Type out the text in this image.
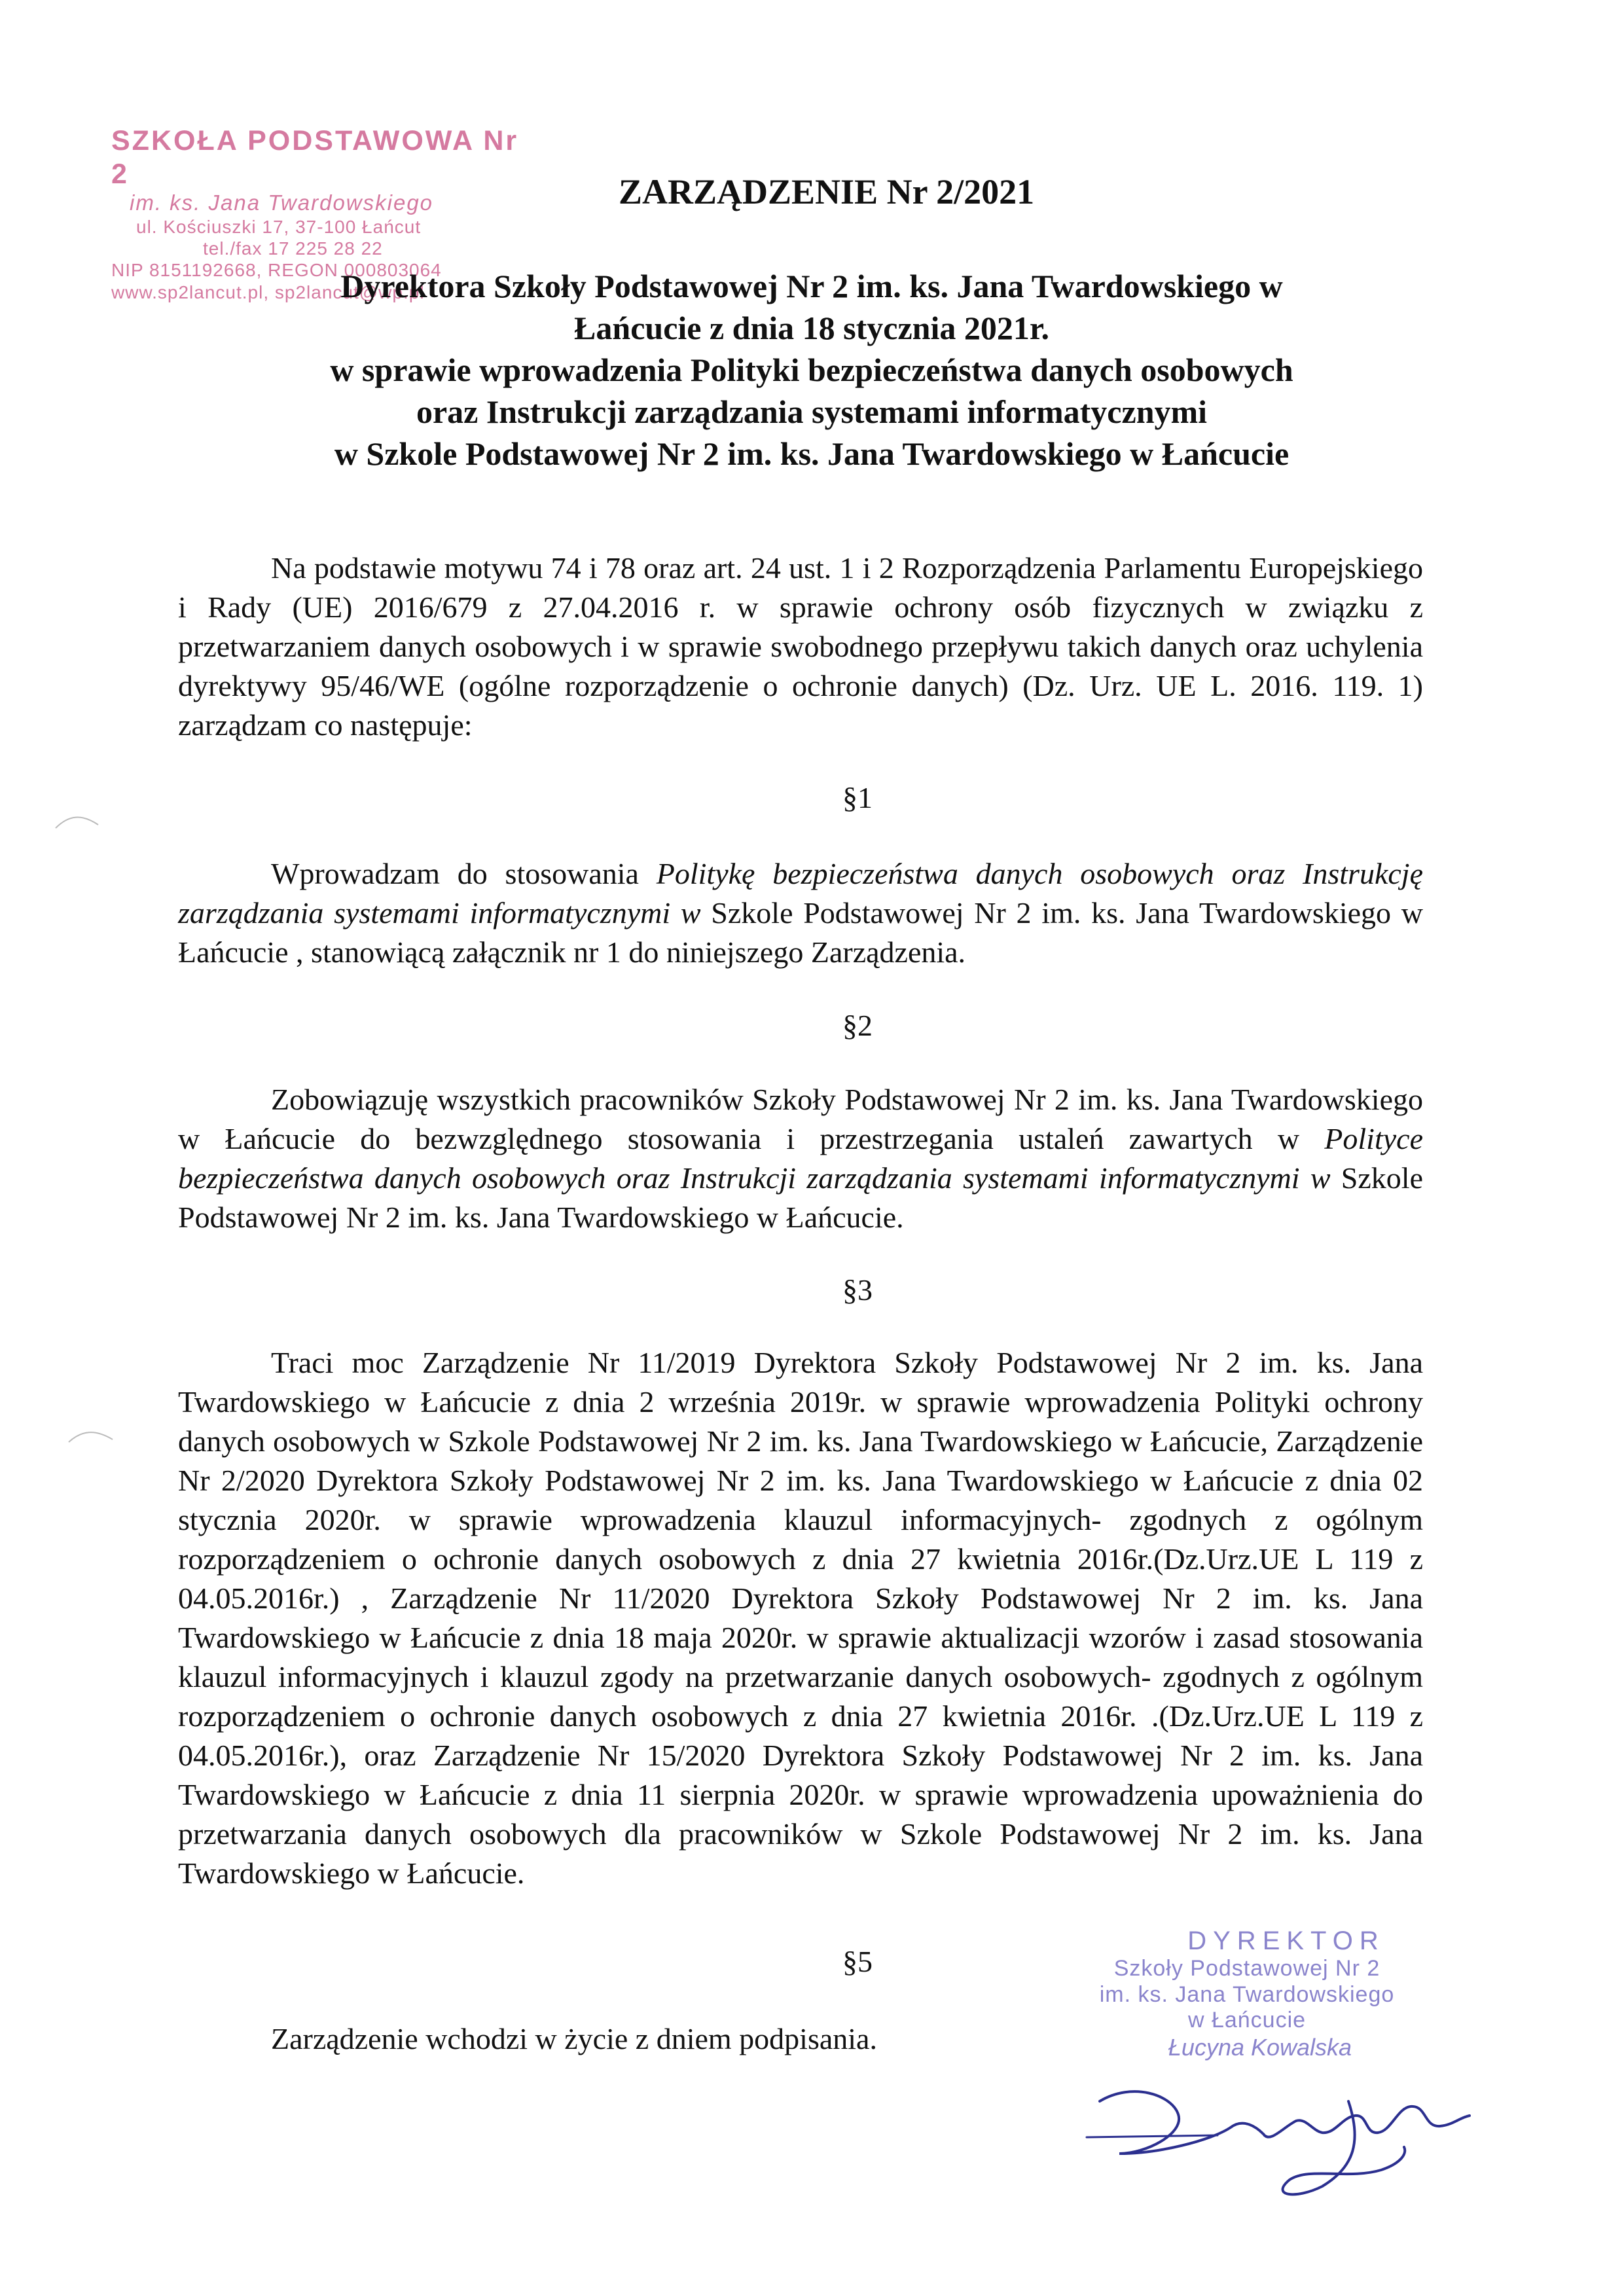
SZKOŁA PODSTAWOWA Nr 2
im. ks. Jana Twardowskiego
ul. Kościuszki 17, 37-100 Łańcut
tel./fax 17 225 28 22
NIP 8151192668, REGON 000803064
www.sp2lancut.pl, sp2lancut@wp.pl
ZARZĄDZENIE Nr 2/2021
Dyrektora Szkoły Podstawowej Nr 2 im. ks. Jana Twardowskiego w
Łańcucie z dnia 18 stycznia 2021r.
w sprawie wprowadzenia Polityki bezpieczeństwa danych osobowych
oraz Instrukcji zarządzania systemami informatycznymi
w Szkole Podstawowej Nr 2 im. ks. Jana Twardowskiego w Łańcucie
Na podstawie motywu 74 i 78 oraz art. 24 ust. 1 i 2 Rozporządzenia Parlamentu Europejskiego i Rady (UE) 2016/679 z 27.04.2016 r. w sprawie ochrony osób fizycznych w związku z przetwarzaniem danych osobowych i w sprawie swobodnego przepływu takich danych oraz uchylenia dyrektywy 95/46/WE (ogólne rozporządzenie o ochronie danych) (Dz. Urz. UE L. 2016. 119. 1) zarządzam co następuje:
§1
Wprowadzam do stosowania Politykę bezpieczeństwa danych osobowych oraz Instrukcję zarządzania systemami informatycznymi w Szkole Podstawowej Nr 2 im. ks. Jana Twardowskiego w Łańcucie , stanowiącą załącznik nr 1 do niniejszego Zarządzenia.
§2
Zobowiązuję wszystkich pracowników Szkoły Podstawowej Nr 2 im. ks. Jana Twardowskiego w Łańcucie do bezwzględnego stosowania i przestrzegania ustaleń zawartych w Polityce bezpieczeństwa danych osobowych oraz Instrukcji zarządzania systemami informatycznymi w Szkole Podstawowej Nr 2 im. ks. Jana Twardowskiego w Łańcucie.
§3
Traci moc Zarządzenie Nr 11/2019 Dyrektora Szkoły Podstawowej Nr 2 im. ks. Jana Twardowskiego w Łańcucie z dnia 2 września 2019r. w sprawie wprowadzenia Polityki ochrony danych osobowych w Szkole Podstawowej Nr 2 im. ks. Jana Twardowskiego w Łańcucie, Zarządzenie Nr 2/2020 Dyrektora Szkoły Podstawowej Nr 2 im. ks. Jana Twardowskiego w Łańcucie z dnia 02 stycznia 2020r. w sprawie wprowadzenia klauzul informacyjnych- zgodnych z ogólnym rozporządzeniem o ochronie danych osobowych z dnia 27 kwietnia 2016r.(Dz.Urz.UE L 119 z 04.05.2016r.) , Zarządzenie Nr 11/2020 Dyrektora Szkoły Podstawowej Nr 2 im. ks. Jana Twardowskiego w Łańcucie z dnia 18 maja 2020r. w sprawie aktualizacji wzorów i zasad stosowania klauzul informacyjnych i klauzul zgody na przetwarzanie danych osobowych- zgodnych z ogólnym rozporządzeniem o ochronie danych osobowych z dnia 27 kwietnia 2016r. .(Dz.Urz.UE L 119 z 04.05.2016r.), oraz Zarządzenie Nr 15/2020 Dyrektora Szkoły Podstawowej Nr 2 im. ks. Jana Twardowskiego w Łańcucie z dnia 11 sierpnia 2020r. w sprawie wprowadzenia upoważnienia do przetwarzania danych osobowych dla pracowników w Szkole Podstawowej Nr 2 im. ks. Jana Twardowskiego w Łańcucie.
§5
Zarządzenie wchodzi w życie z dniem podpisania.
DYREKTOR
Szkoły Podstawowej Nr 2
im. ks. Jana Twardowskiego
w Łańcucie
Łucyna Kowalska
